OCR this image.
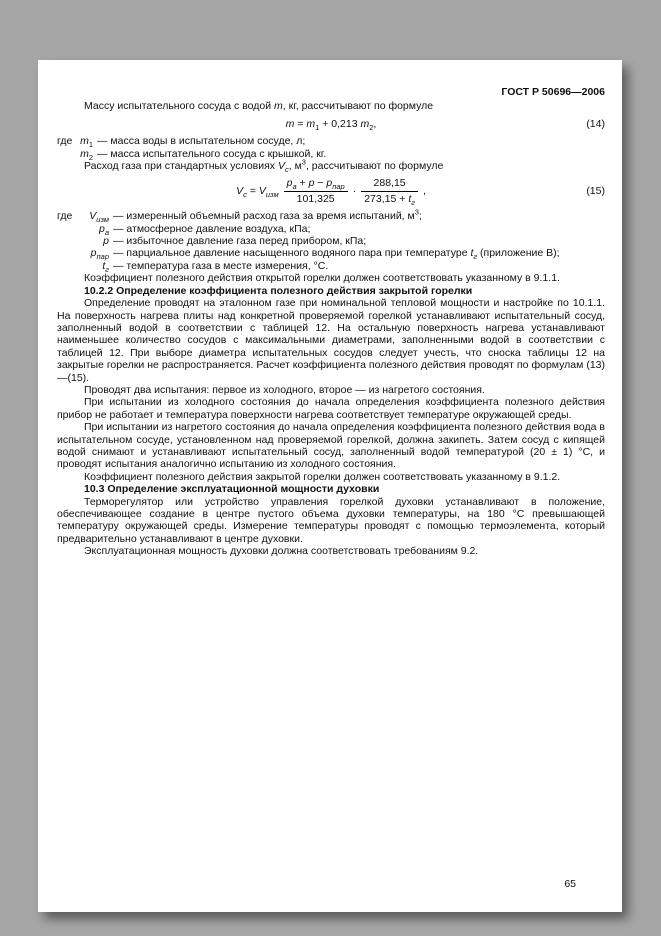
ГОСТ Р 50696—2006

Массу испытательного сосуда с водой m, кг, рассчитывают по формуле

$m = m_1 + 0,213$ $m_2$,	(14)
где $m_1$ — масса воды в испытательном сосуде, л;
$m_2$ — масса испытательного сосуда с крышкой, кг.

Расход газа при стандартных условиях $V_с$, $м^3$, рассчитывают по формуле

$V_с = V_{изм} \frac{p_а + p - p_{пар}}{101,325} \cdot \frac{288,15}{273,15 + t_г}$ ,	(15)
где	$V_{изм}$ — измеренный объемный расход газа за время испытаний, $м^3$;
$p_а$ — атмосферное давление воздуха, кПа;
p — избыточное давление газа перед прибором, кПа;
$p_{пар}$ — парциальное давление насыщенного водяного пара при температуре $t_г$ (приложение В);
$t_г$ — температура газа в месте измерения, °С.

Коэффициент полезного действия открытой горелки должен соответствовать указанному в 9.1.1.

10.2.2 Определение коэффициента полезного действия закрытой горелки

Определение проводят на эталонном газе при номинальной тепловой мощности и настройке по 10.1.1. На поверхность нагрева плиты над конкретной проверяемой горелкой устанавливают испытательный сосуд, заполненный водой в соответствии с таблицей 12. На остальную поверхность нагрева устанавливают наименьшее количество сосудов с максимальными диаметрами, заполненными водой в соответствии с таблицей 12. При выборе диаметра испытательных сосудов следует учесть, что сноска таблицы 12 на закрытые горелки не распространяется. Расчет коэффициента полезного действия проводят по формулам (13)—(15).

Проводят два испытания: первое из холодного, второе — из нагретого состояния.

При испытании из холодного состояния до начала определения коэффициента полезного действия прибор не работает и температура поверхности нагрева соответствует температуре окружающей среды.

При испытании из нагретого состояния до начала определения коэффициента полезного действия вода в испытательном сосуде, установленном над проверяемой горелкой, должна закипеть. Затем сосуд с кипящей водой снимают и устанавливают испытательный сосуд, заполненный водой температурой (20 ± 1) °С, и проводят испытания аналогично испытанию из холодного состояния.

Коэффициент полезного действия закрытой горелки должен соответствовать указанному в 9.1.2.

10.3 Определение эксплуатационной мощности духовки

Терморегулятор или устройство управления горелкой духовки устанавливают в положение, обеспечивающее создание в центре пустого объема духовки температуры, на 180 °С превышающей температуру окружающей среды. Измерение температуры проводят с помощью термоэлемента, который предварительно устанавливают в центре духовки.

Эксплуатационная мощность духовки должна соответствовать требованиям 9.2.

65
